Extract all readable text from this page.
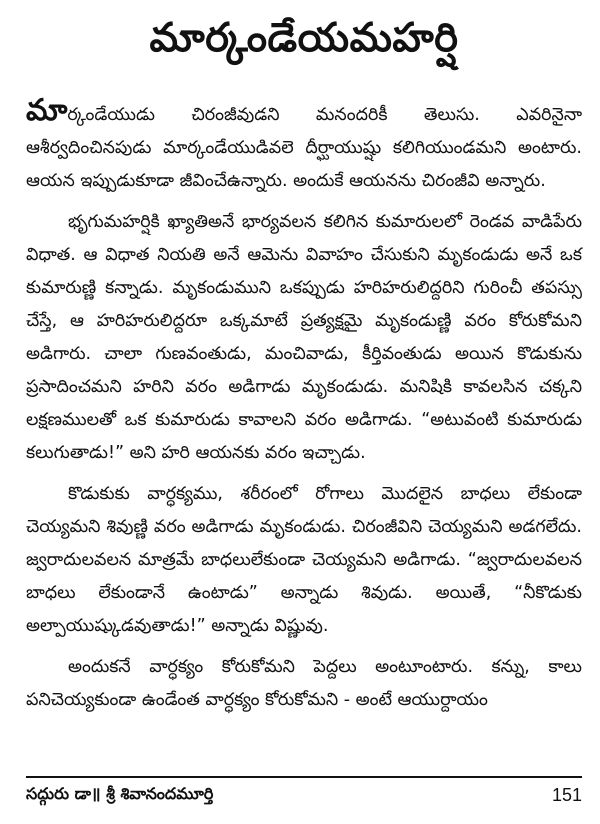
మార్కండేయమహర్షి

మార్కండేయుడు చిరంజీవుడని మనందరికీ తెలుసు. ఎవరినైనా ఆశీర్వదించినపుడు మార్కండేయుడివలె దీర్ఘాయుష్షు కలిగియుండమని అంటారు. ఆయన ఇప్పుడుకూడా జీవించేఉన్నారు. అందుకే ఆయనను చిరంజీవి అన్నారు.

భృగుమహర్షికి ఖ్యాతిఅనే భార్యవలన కలిగిన కుమారులలో రెండవ వాడిపేరు విధాత. ఆ విధాత నియతి అనే ఆమెను వివాహం చేసుకుని మృకండుడు అనే ఒక కుమారుణ్ణి కన్నాడు. మృకండుముని ఒకప్పుడు హరిహరులిద్దరిని గురించీ తపస్సు చేస్తే, ఆ హరిహరులిద్దరూ ఒక్కమాటే ప్రత్యక్షమై మృకండుణ్ణి వరం కోరుకోమని అడిగారు. చాలా గుణవంతుడు, మంచివాడు, కీర్తివంతుడు అయిన కొడుకును ప్రసాదించమని హరిని వరం అడిగాడు మృకండుడు. మనిషికి కావలసిన చక్కని లక్షణములతో ఒక కుమారుడు కావాలని వరం అడిగాడు. “అటువంటి కుమారుడు కలుగుతాడు!” అని హరి ఆయనకు వరం ఇచ్చాడు.

కొడుకుకు వార్ధక్యము, శరీరంలో రోగాలు మొదలైన బాధలు లేకుండా చెయ్యమని శివుణ్ణి వరం అడిగాడు మృకండుడు. చిరంజీవిని చెయ్యమని అడగలేదు. జ్వరాదులవలన మాత్రమే బాధలులేకుండా చెయ్యమని అడిగాడు. “జ్వరాదులవలన బాధలు లేకుండానే ఉంటాడు” అన్నాడు శివుడు. అయితే, “నీకొడుకు అల్పాయుష్కుడవుతాడు!” అన్నాడు విష్ణువు.

అందుకనే వార్ధక్యం కోరుకోమని పెద్దలు అంటూంటారు. కన్ను, కాలు పనిచెయ్యకుండా ఉండేంత వార్ధక్యం కోరుకోమని - అంటే ఆయుర్దాయం

సద్గురు డా॥ శ్రీ శివానందమూర్తి	151
